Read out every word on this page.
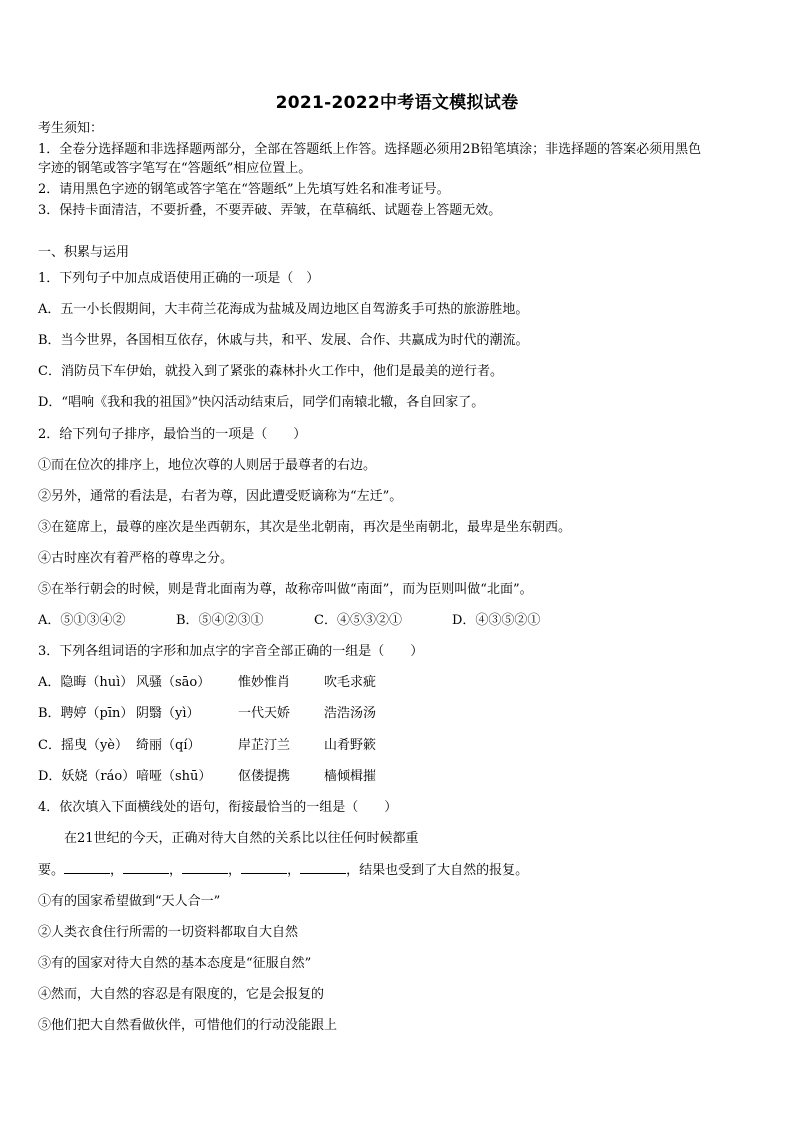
2021-2022中考语文模拟试卷
考生须知：
1．全卷分选择题和非选择题两部分，全部在答题纸上作答。选择题必须用2B铅笔填涂；非选择题的答案必须用黑色
字迹的钢笔或答字笔写在“答题纸”相应位置上。
2．请用黑色字迹的钢笔或答字笔在“答题纸”上先填写姓名和准考证号。
3．保持卡面清洁，不要折叠，不要弄破、弄皱，在草稿纸、试题卷上答题无效。
一、积累与运用
1．下列句子中加点成语使用正确的一项是（　）
A．五一小长假期间，大丰荷兰花海成为盐城及周边地区自驾游炙手可热的旅游胜地。
B．当今世界，各国相互依存，休戚与共，和平、发展、合作、共赢成为时代的潮流。
C．消防员下车伊始，就投入到了紧张的森林扑火工作中，他们是最美的逆行者。
D．“唱响《我和我的祖国》”快闪活动结束后，同学们南辕北辙，各自回家了。
2．给下列句子排序，最恰当的一项是（　　）
①而在位次的排序上，地位次尊的人则居于最尊者的右边。
②另外，通常的看法是，右者为尊，因此遭受贬谪称为“左迁”。
③在筵席上，最尊的座次是坐西朝东，其次是坐北朝南，再次是坐南朝北，最卑是坐东朝西。
④古时座次有着严格的尊卑之分。
⑤在举行朝会的时候，则是背北面南为尊，故称帝叫做“南面”，而为臣则叫做“北面”。
A．⑤①③④②	B．⑤④②③①	C．④⑤③②①	D．④③⑤②①
3．下列各组词语的字形和加点字的字音全部正确的一组是（　　）
A．隐晦（huì） 风骚（sāo） 惟妙惟肖	吹毛求疵
B．聘婷（pīn） 阴翳（yì）	一代天娇	浩浩汤汤
C．摇曳（yè） 绮丽（qí）	岸芷汀兰	山肴野簌
D．妖娆（ráo）喑哑（shū） 伛偻提携	樯倾楫摧
4．依次填入下面横线处的语句，衔接最恰当的一组是（　　）
在21世纪的今天，正确对待大自然的关系比以往任何时候都重
要。	，	，	，	，	，结果也受到了大自然的报复。
①有的国家希望做到“天人合一”
②人类衣食住行所需的一切资料都取自大自然
③有的国家对待大自然的基本态度是“征服自然”
④然而，大自然的容忍是有限度的，它是会报复的
⑤他们把大自然看做伙伴，可惜他们的行动没能跟上
